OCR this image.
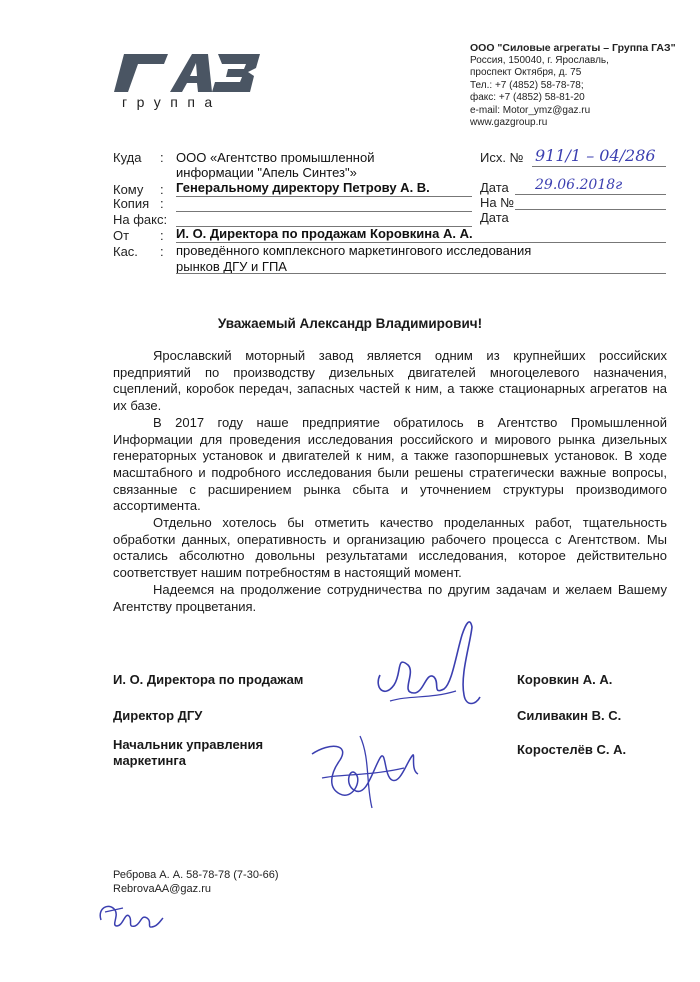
группа
ООО "Силовые агрегаты – Группа ГАЗ"
Россия, 150040, г. Ярославль,
проспект Октября, д. 75
Тел.: +7 (4852) 58-78-78;
факс: +7 (4852) 58-81-20
e-mail: Motor_ymz@gaz.ru
www.gazgroup.ru
Куда : ООО «Агентство промышленной
информации "Апель Синтез"»
Кому : Генеральному директору Петрову А. В.
Копия :
На факс:
От : И. О. Директора по продажам Коровкина А. А.
Кас. : проведённого комплексного маркетингового исследования
рынков ДГУ и ГПА
Исх. № 911/1 – 04/286
Дата 29.06.2018г
На №
Дата
Уважаемый Александр Владимирович!

Ярославский моторный завод является одним из крупнейших российских предприятий по производству дизельных двигателей многоцелевого назначения, сцеплений, коробок передач, запасных частей к ним, а также стационарных агрегатов на их базе.

В 2017 году наше предприятие обратилось в Агентство Промышленной Информации для проведения исследования российского и мирового рынка дизельных генераторных установок и двигателей к ним, а также газопоршневых установок. В ходе масштабного и подробного исследования были решены стратегически важные вопросы, связанные с расширением рынка сбыта и уточнением структуры производимого ассортимента.

Отдельно хотелось бы отметить качество проделанных работ, тщательность обработки данных, оперативность и организацию рабочего процесса с Агентством. Мы остались абсолютно довольны результатами исследования, которое действительно соответствует нашим потребностям в настоящий момент.

Надеемся на продолжение сотрудничества по другим задачам и желаем Вашему Агентству процветания.

И. О. Директора по продажам	Коровкин А. А.
Директор ДГУ	Силивакин В. С.
Начальник управления
маркетинга
Коростелёв С. А.
Реброва А. А. 58-78-78 (7-30-66)
RebrovaAA@gaz.ru
